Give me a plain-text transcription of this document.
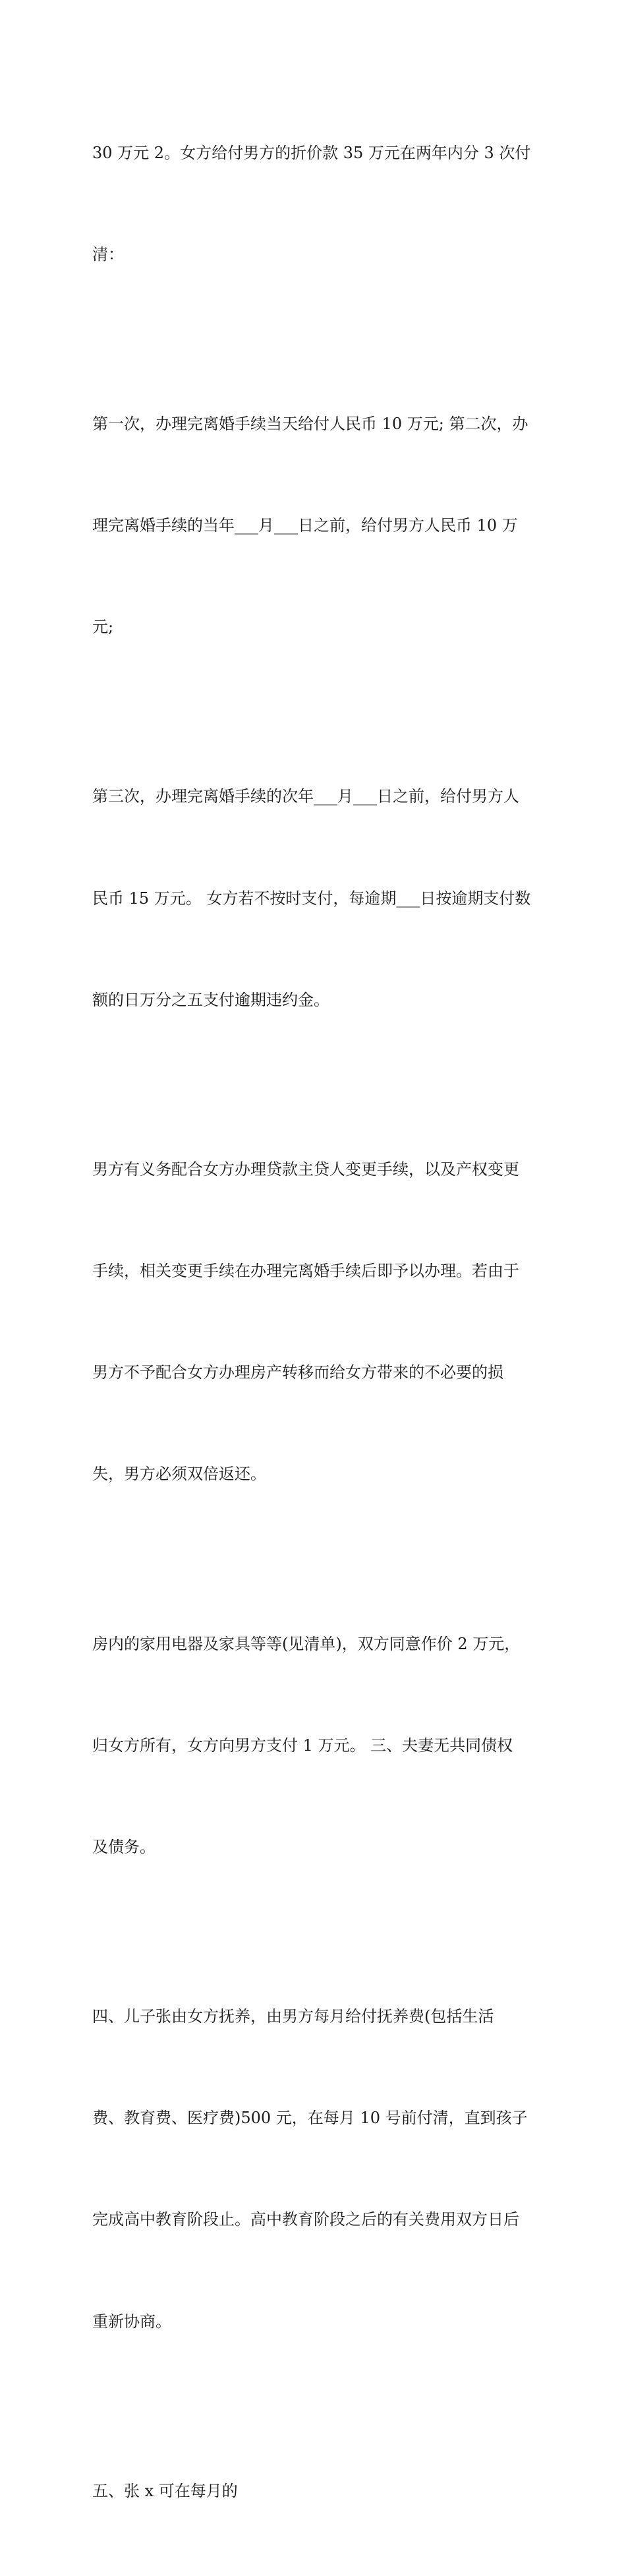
30 万元 2。女方给付男方的折价款 35 万元在两年内分 3 次付

清：

第一次，办理完离婚手续当天给付人民币 10 万元; 第二次，办

理完离婚手续的当年___月___日之前，给付男方人民币 10 万

元;

第三次，办理完离婚手续的次年___月___日之前，给付男方人

民币 15 万元。 女方若不按时支付，每逾期___日按逾期支付数

额的日万分之五支付逾期违约金。

男方有义务配合女方办理贷款主贷人变更手续，以及产权变更

手续，相关变更手续在办理完离婚手续后即予以办理。若由于

男方不予配合女方办理房产转移而给女方带来的不必要的损

失，男方必须双倍返还。

房内的家用电器及家具等等(见清单)，双方同意作价 2 万元，

归女方所有，女方向男方支付 1 万元。 三、夫妻无共同债权

及债务。

四、儿子张由女方抚养，由男方每月给付抚养费(包括生活

费、教育费、医疗费)500 元，在每月 10 号前付清，直到孩子

完成高中教育阶段止。高中教育阶段之后的有关费用双方日后

重新协商。

五、张 x 可在每月的
